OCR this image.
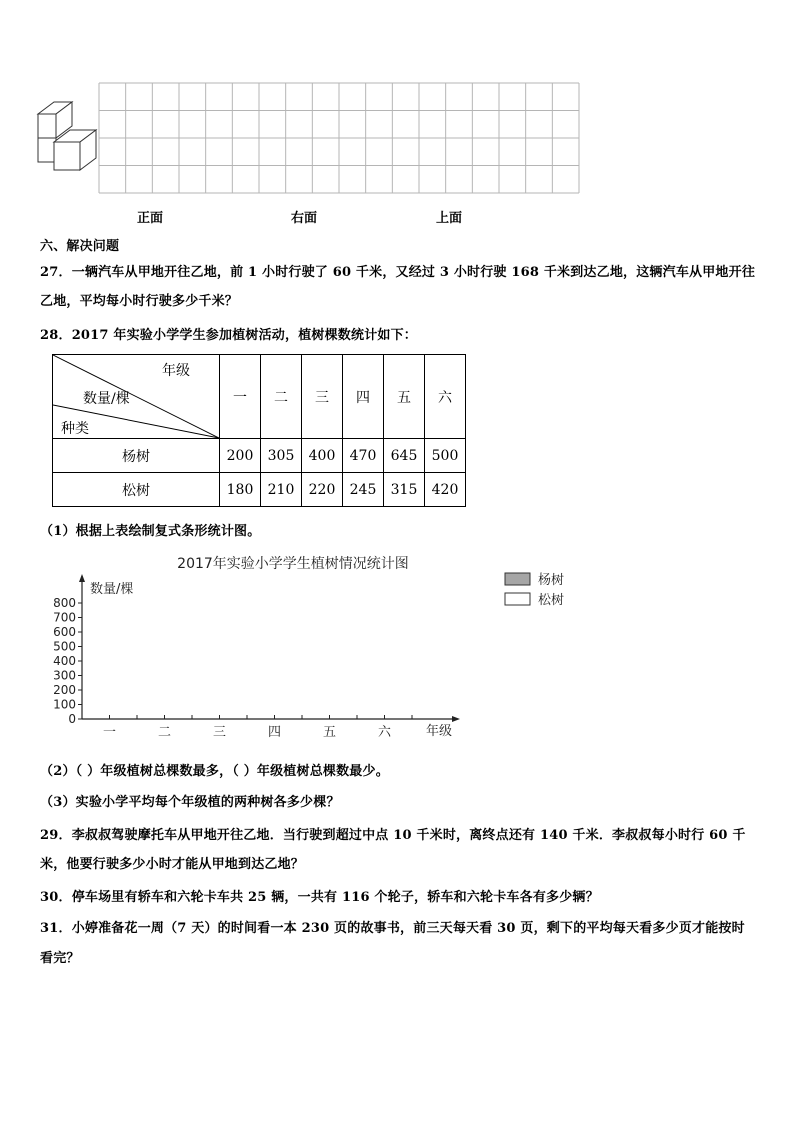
正面	右面	上面
六、解决问题
27．一辆汽车从甲地开往乙地，前 1 小时行驶了 60 千米，又经过 3 小时行驶 168 千米到达乙地，这辆汽车从甲地开往
乙地，平均每小时行驶多少千米？
28．2017 年实验小学学生参加植树活动，植树棵数统计如下：
年级
数量/棵
种类	一	二	三	四	五	六
杨树	200	305	400	470	645	500
松树	180	210	220	245	315	420
（1）根据上表绘制复式条形统计图。
2017年实验小学学生植树情况统计图
数量/棵
年级
0
100
200
300
400
500
600
700
800
一	二	三	四	五	六
杨树
松树
（2）（ ）年级植树总棵数最多，（ ）年级植树总棵数最少。
（3）实验小学平均每个年级植的两种树各多少棵？
29．李叔叔驾驶摩托车从甲地开往乙地．当行驶到超过中点 10 千米时，离终点还有 140 千米．李叔叔每小时行 60 千
米，他要行驶多少小时才能从甲地到达乙地？
30．停车场里有轿车和六轮卡车共 25 辆，一共有 116 个轮子，轿车和六轮卡车各有多少辆？
31．小婷准备花一周（7 天）的时间看一本 230 页的故事书，前三天每天看 30 页，剩下的平均每天看多少页才能按时
看完？
